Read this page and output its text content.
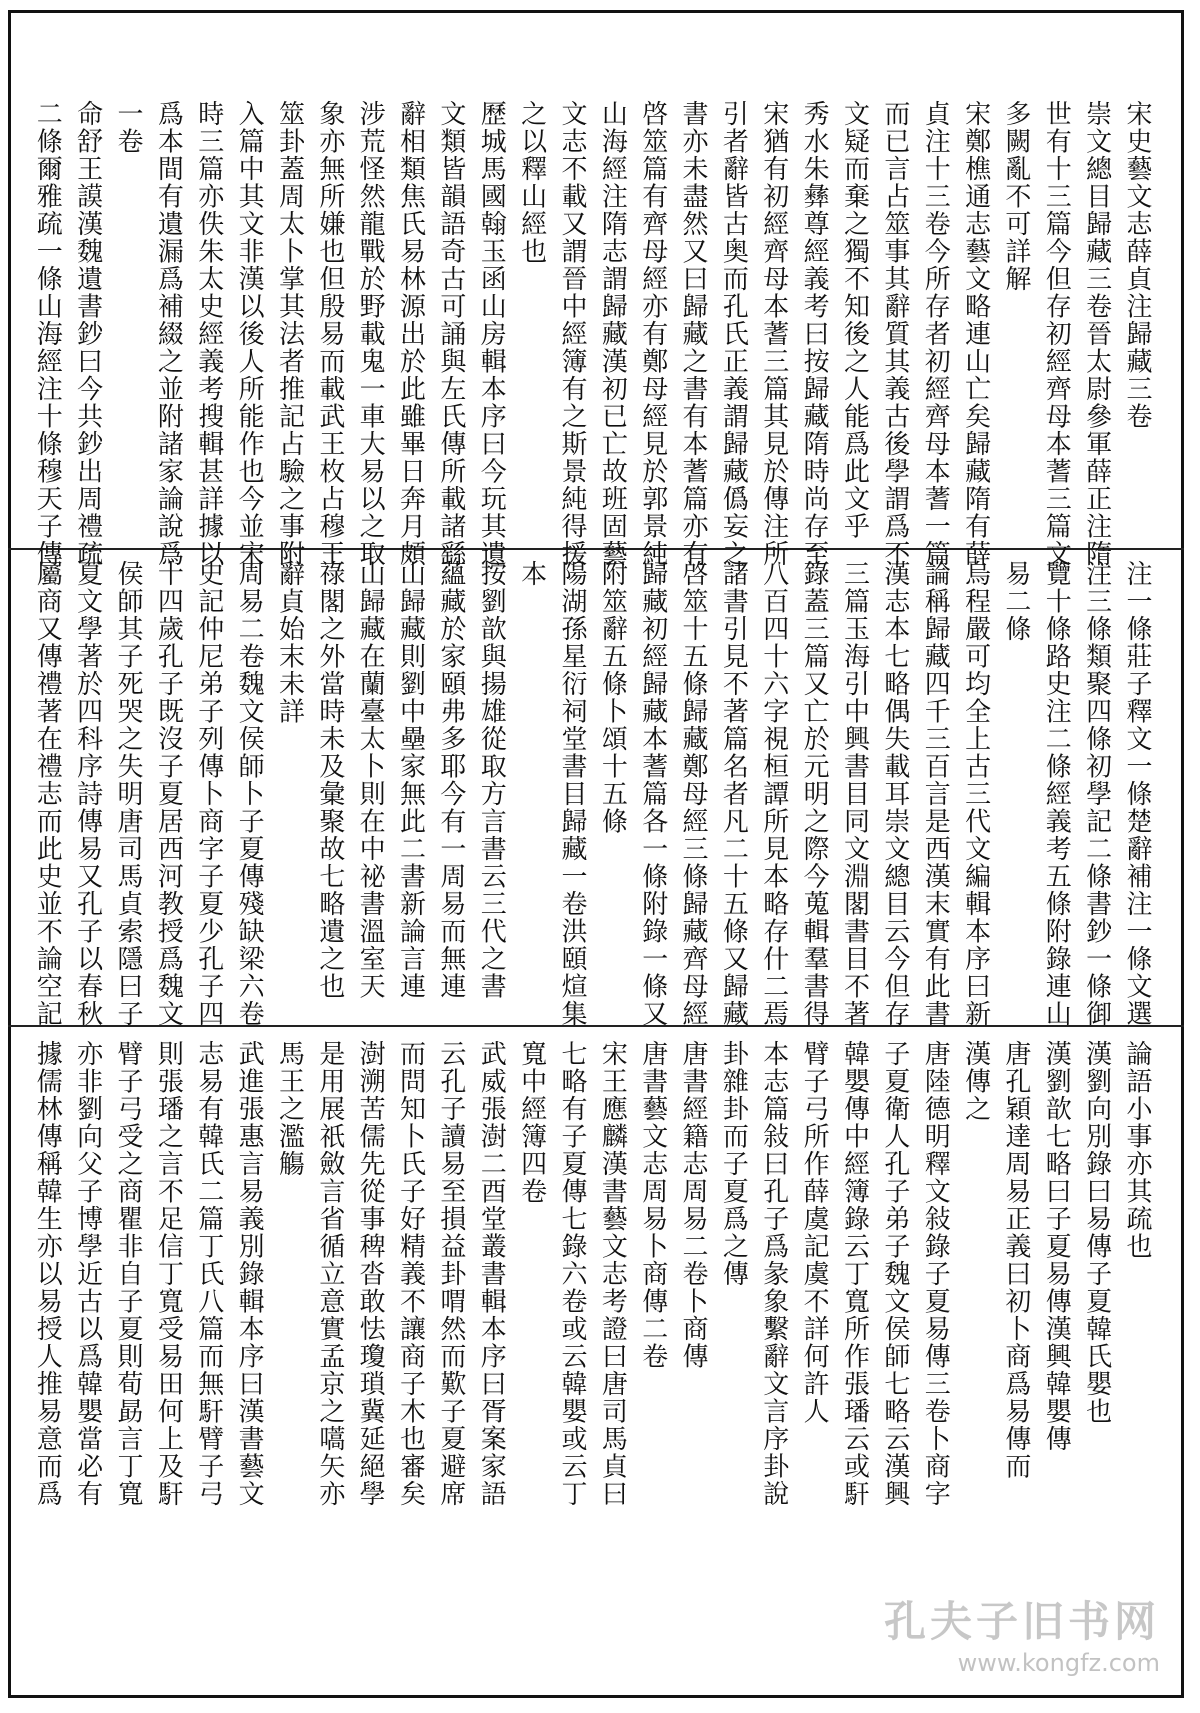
宋史藝文志薛貞注歸藏三卷
崇文總目歸藏三卷晉太尉參軍薛正注隋
世有十三篇今但存初經齊母本蓍三篇文
多闕亂不可詳解
宋鄭樵通志藝文略連山亡矣歸藏隋有薛
貞注十三卷今所存者初經齊母本蓍一篇
而已言占筮事其辭質其義古後學謂爲不
文疑而棄之獨不知後之人能爲此文乎
秀水朱彝尊經義考曰按歸藏隋時尚存至
宋猶有初經齊母本蓍三篇其見於傳注所
引者辭皆古奥而孔氏正義謂歸藏僞妄之
書亦未盡然又曰歸藏之書有本蓍篇亦有
啓筮篇有齊母經亦有鄭母經見於郭景純
山海經注隋志謂歸藏漢初已亡故班固藝
文志不載又謂晉中經簿有之斯景純得援
之以釋山經也
歷城馬國翰玉函山房輯本序曰今玩其遺
文類皆韻語奇古可誦與左氏傳所載諸繇
辭相類焦氏易林源出於此雖畢日奔月頗
涉荒怪然龍戰於野載鬼一車大易以之取
象亦無所嫌也但殷易而載武王枚占穆王
筮卦蓋周太卜掌其法者推記占驗之事附
入篇中其文非漢以後人所能作也今並宋
時三篇亦佚朱太史經義考搜輯甚詳據以
爲本間有遺漏爲補綴之並附諸家論說爲
一卷
命舒王謨漢魏遺書鈔曰今共鈔出周禮疏
二條爾雅疏一條山海經注十條穆天子傳
注一條莊子釋文一條楚辭補注一條文選
注三條類聚四條初學記二條書鈔一條御
覽十條路史注二條經義考五條附錄連山
易二條
烏程嚴可均全上古三代文編輯本序曰新
論稱歸藏四千三百言是西漢末實有此書
漢志本七略偶失載耳崇文總目云今但存
三篇玉海引中興書目同文淵閣書目不著
錄蓋三篇又亡於元明之際今蒐輯羣書得
八百四十六字視桓譚所見本略存什二焉
諸書引見不著篇名者凡二十五條又歸藏
啓筮十五條歸藏鄭母經三條歸藏齊母經
歸藏初經歸藏本蓍篇各一條附錄一條又
附筮辭五條卜頌十五條
陽湖孫星衍祠堂書目歸藏一卷洪頤煊集
本
按劉歆與揚雄從取方言書云三代之書
蘊藏於家頤弗多耶今有一周易而無連
山歸藏則劉中壘家無此二書新論言連
山歸藏在蘭臺太卜則在中祕書溫室天
祿閣之外當時未及彙聚故七略遺之也
辭貞始末未詳
周易二卷魏文侯師卜子夏傳殘缺梁六卷
史記仲尼弟子列傳卜商字子夏少孔子四
十四歲孔子既沒子夏居西河教授爲魏文
侯師其子死哭之失明唐司馬貞索隱曰子
夏文學著於四科序詩傳易又孔子以春秋
屬商又傳禮著在禮志而此史並不論空記
論語小事亦其疏也
漢劉向別錄曰易傳子夏韓氏嬰也
漢劉歆七略曰子夏易傳漢興韓嬰傳
唐孔穎達周易正義曰初卜商爲易傳而
漢傳之
唐陸德明釋文敍錄子夏易傳三卷卜商字
子夏衛人孔子弟子魏文侯師七略云漢興
韓嬰傳中經簿錄云丁寬所作張璠云或馯
臂子弓所作薛虞記虞不詳何許人
本志篇敍曰孔子爲彖象繫辭文言序卦說
卦雜卦而子夏爲之傳
唐書經籍志周易二卷卜商傳
唐書藝文志周易卜商傳二卷
宋王應麟漢書藝文志考證曰唐司馬貞曰
七略有子夏傳七錄六卷或云韓嬰或云丁
寬中經簿四卷
武威張澍二酉堂叢書輯本序曰胥案家語
云孔子讀易至損益卦喟然而歎子夏避席
而問知卜氏子好精義不讓商子木也審矣
澍溯苦儒先從事稗沓敢怯瓊瑣冀延絕學
是用展祇斂言省循立意實孟京之嚆矢亦
馬王之濫觴
武進張惠言易義別錄輯本序曰漢書藝文
志易有韓氏二篇丁氏八篇而無馯臂子弓
則張璠之言不足信丁寬受易田何上及馯
臂子弓受之商瞿非自子夏則荀勗言丁寬
亦非劉向父子博學近古以爲韓嬰當必有
據儒林傳稱韓生亦以易授人推易意而爲
孔夫子旧书网
www.kongfz.com
